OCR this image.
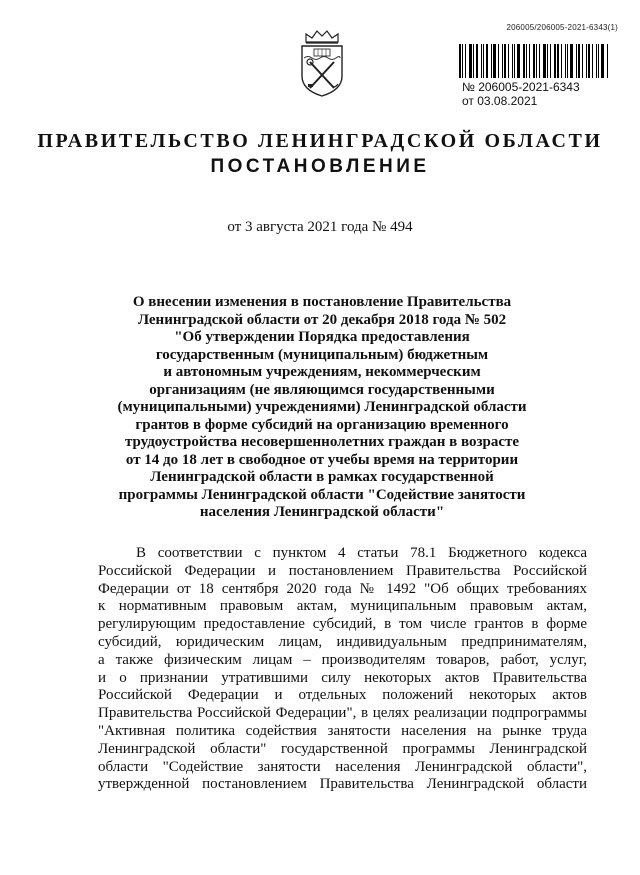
206005/206005-2021-6343(1)
№ 206005-2021-6343
от 03.08.2021
ПРАВИТЕЛЬСТВО ЛЕНИНГРАДСКОЙ ОБЛАСТИ
ПОСТАНОВЛЕНИЕ
от 3 августа 2021 года № 494
О внесении изменения в постановление Правительства
Ленинградской области от 20 декабря 2018 года № 502
"Об утверждении Порядка предоставления
государственным (муниципальным) бюджетным
и автономным учреждениям, некоммерческим
организациям (не являющимся государственными
(муниципальными) учреждениями) Ленинградской области
грантов в форме субсидий на организацию временного
трудоустройства несовершеннолетних граждан в возрасте
от 14 до 18 лет в свободное от учебы время на территории
Ленинградской области в рамках государственной
программы Ленинградской области "Содействие занятости
населения Ленинградской области"
В соответствии с пунктом 4 статьи 78.1 Бюджетного кодекса
Российской Федерации и постановлением Правительства Российской
Федерации от 18 сентября 2020 года № 1492 "Об общих требованиях
к нормативным правовым актам, муниципальным правовым актам,
регулирующим предоставление субсидий, в том числе грантов в форме
субсидий, юридическим лицам, индивидуальным предпринимателям,
а также физическим лицам – производителям товаров, работ, услуг,
и о признании утратившими силу некоторых актов Правительства
Российской Федерации и отдельных положений некоторых актов
Правительства Российской Федерации", в целях реализации подпрограммы
"Активная политика содействия занятости населения на рынке труда
Ленинградской области" государственной программы Ленинградской
области "Содействие занятости населения Ленинградской области",
утвержденной постановлением Правительства Ленинградской области
